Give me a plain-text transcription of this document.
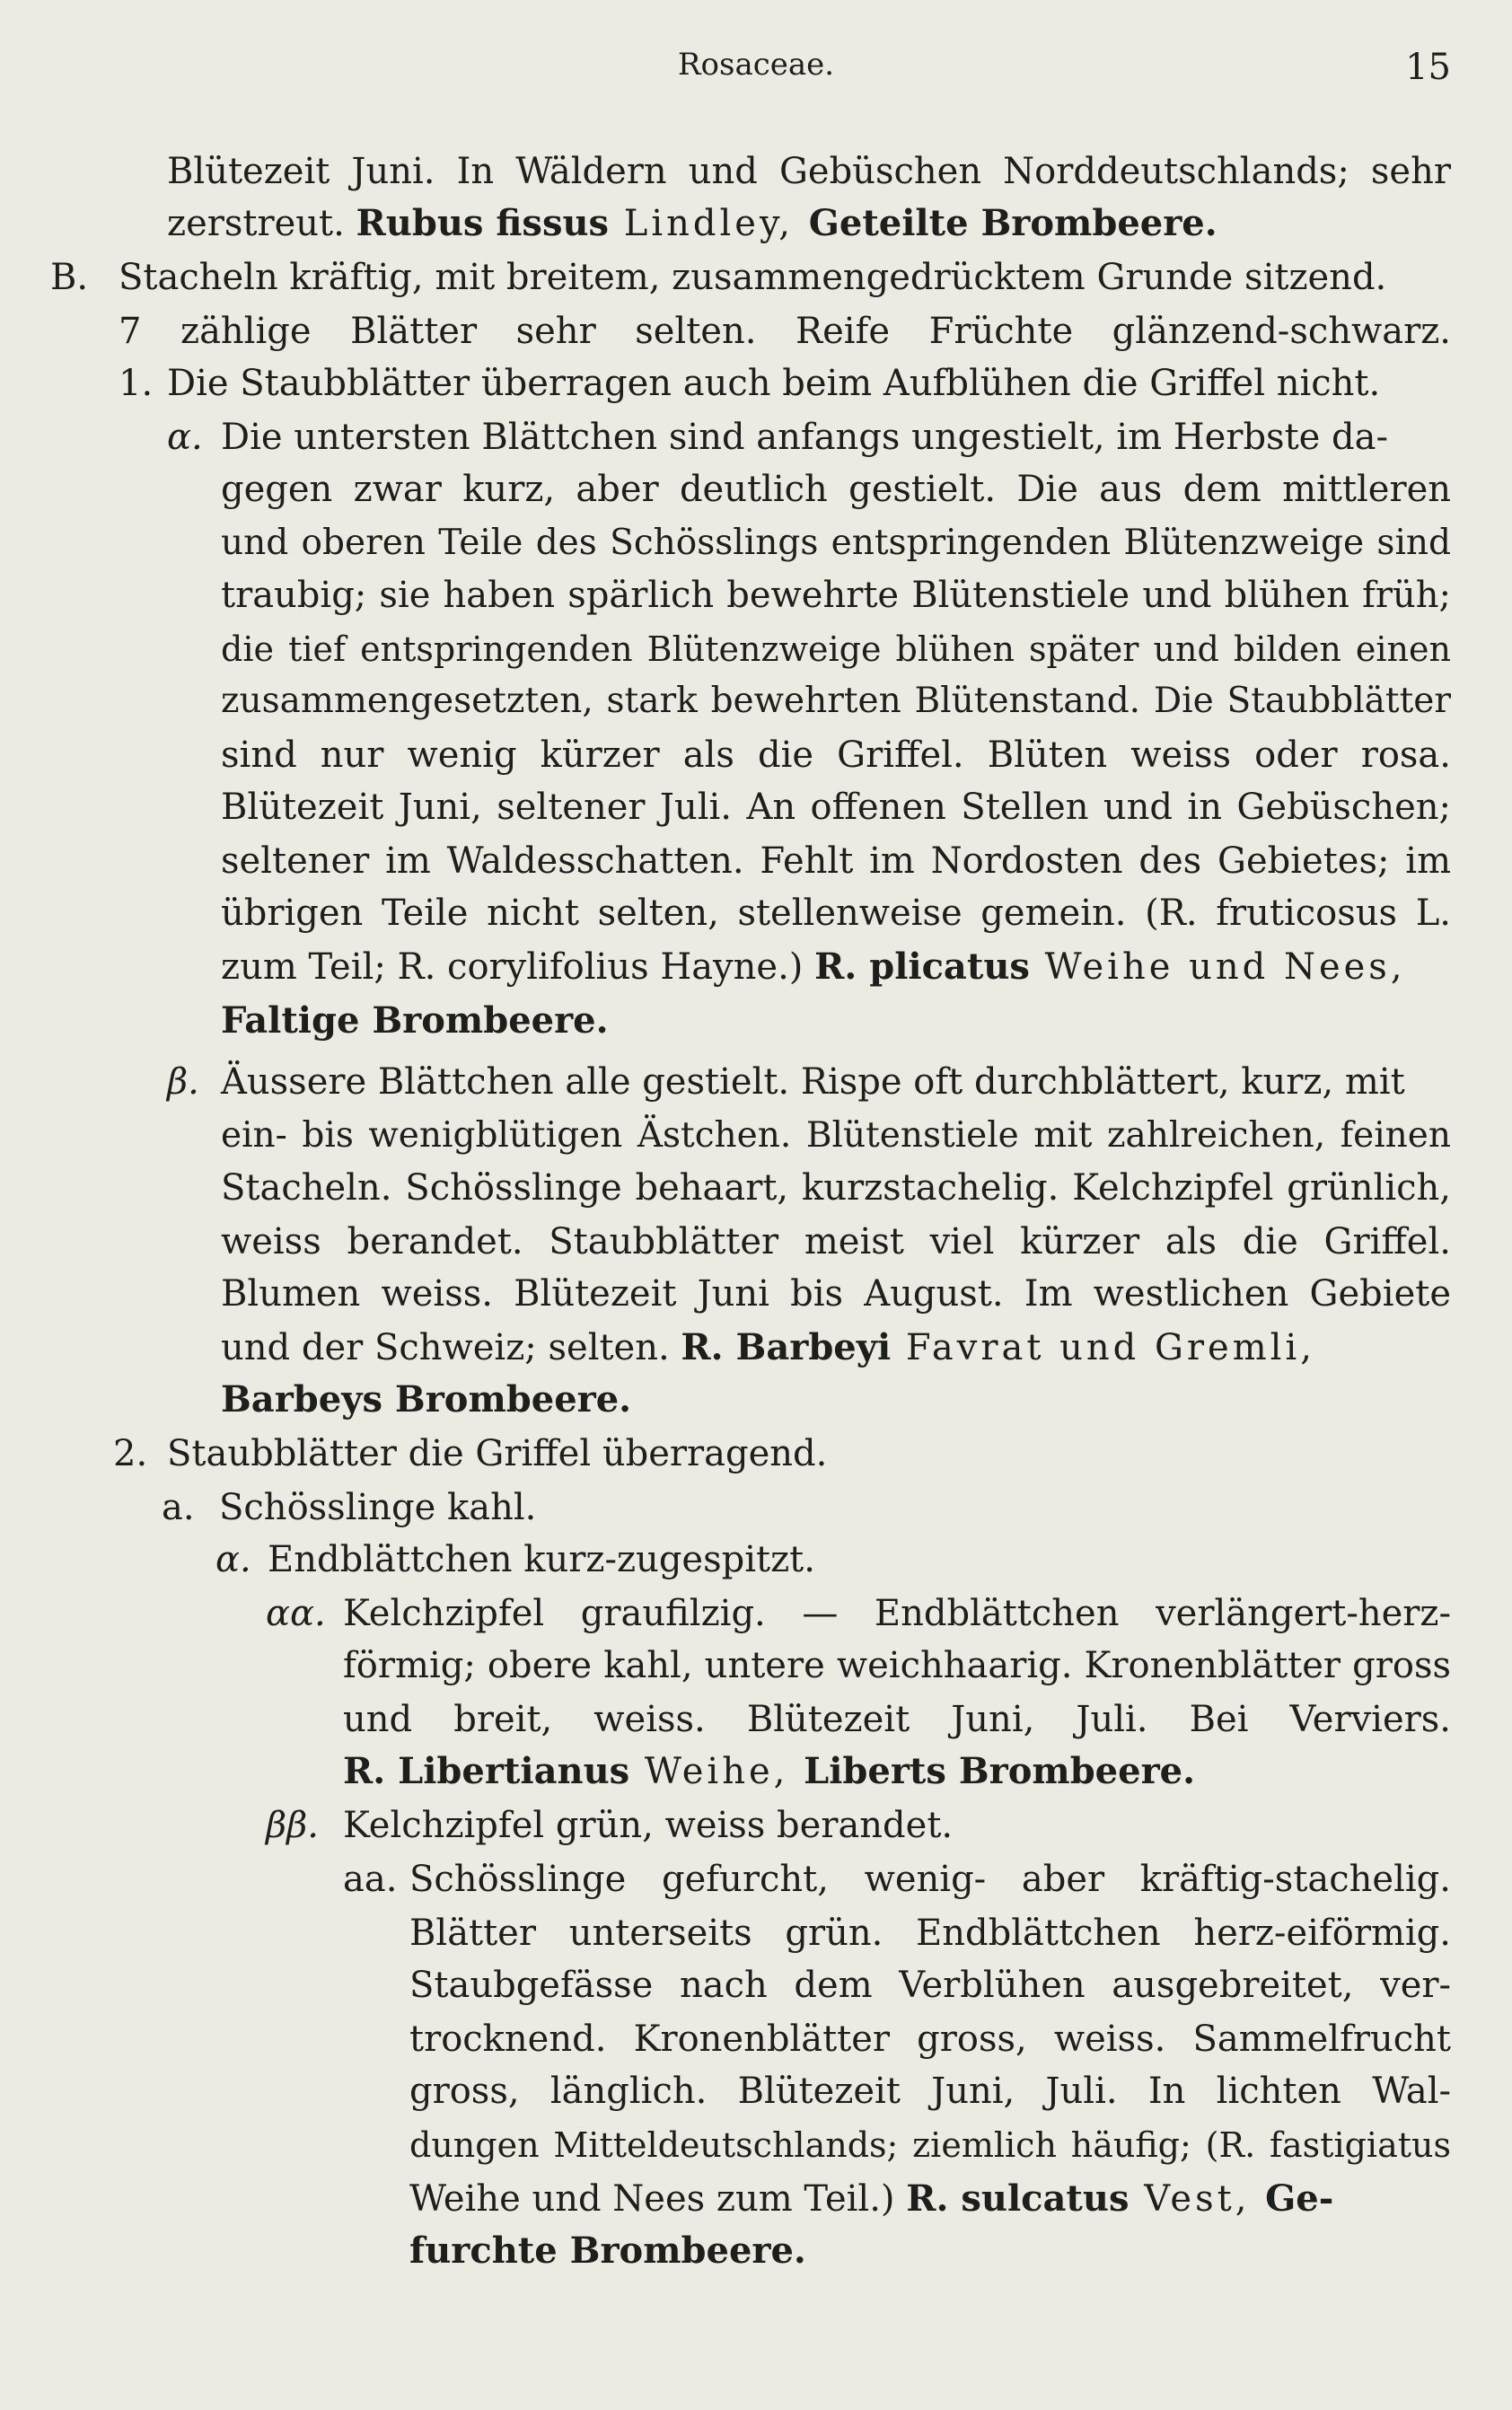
Rosaceae.	15
Blütezeit Juni. In Wäldern und Gebüschen Norddeutschlands; sehr
zerstreut. Rubus fissus Lindley, Geteilte Brombeere.
B. Stacheln kräftig, mit breitem, zusammengedrücktem Grunde sitzend.
7 zählige Blätter sehr selten. Reife Früchte glänzend-schwarz.
1. Die Staubblätter überragen auch beim Aufblühen die Griffel nicht.
α. Die untersten Blättchen sind anfangs ungestielt, im Herbste da-
gegen zwar kurz, aber deutlich gestielt. Die aus dem mittleren
und oberen Teile des Schösslings entspringenden Blütenzweige sind
traubig; sie haben spärlich bewehrte Blütenstiele und blühen früh;
die tief entspringenden Blütenzweige blühen später und bilden einen
zusammengesetzten, stark bewehrten Blütenstand. Die Staubblätter
sind nur wenig kürzer als die Griffel. Blüten weiss oder rosa.
Blütezeit Juni, seltener Juli. An offenen Stellen und in Gebüschen;
seltener im Waldesschatten. Fehlt im Nordosten des Gebietes; im
übrigen Teile nicht selten, stellenweise gemein. (R. fruticosus L.
zum Teil; R. corylifolius Hayne.) R. plicatus Weihe und Nees,
Faltige Brombeere.
β. Äussere Blättchen alle gestielt. Rispe oft durchblättert, kurz, mit
ein- bis wenigblütigen Ästchen. Blütenstiele mit zahlreichen, feinen
Stacheln. Schösslinge behaart, kurzstachelig. Kelchzipfel grünlich,
weiss berandet. Staubblätter meist viel kürzer als die Griffel.
Blumen weiss. Blütezeit Juni bis August. Im westlichen Gebiete
und der Schweiz; selten. R. Barbeyi Favrat und Gremli,
Barbeys Brombeere.
2. Staubblätter die Griffel überragend.
a. Schösslinge kahl.
α. Endblättchen kurz-zugespitzt.
αα. Kelchzipfel graufilzig. — Endblättchen verlängert-herz-
förmig; obere kahl, untere weichhaarig. Kronenblätter gross
und breit, weiss. Blütezeit Juni, Juli. Bei Verviers.
R. Libertianus Weihe, Liberts Brombeere.
ββ. Kelchzipfel grün, weiss berandet.
aa. Schösslinge gefurcht, wenig- aber kräftig-stachelig.
Blätter unterseits grün. Endblättchen herz-eiförmig.
Staubgefässe nach dem Verblühen ausgebreitet, ver-
trocknend. Kronenblätter gross, weiss. Sammelfrucht
gross, länglich. Blütezeit Juni, Juli. In lichten Wal-
dungen Mitteldeutschlands; ziemlich häufig; (R. fastigiatus
Weihe und Nees zum Teil.) R. sulcatus Vest, Ge-
furchte Brombeere.
